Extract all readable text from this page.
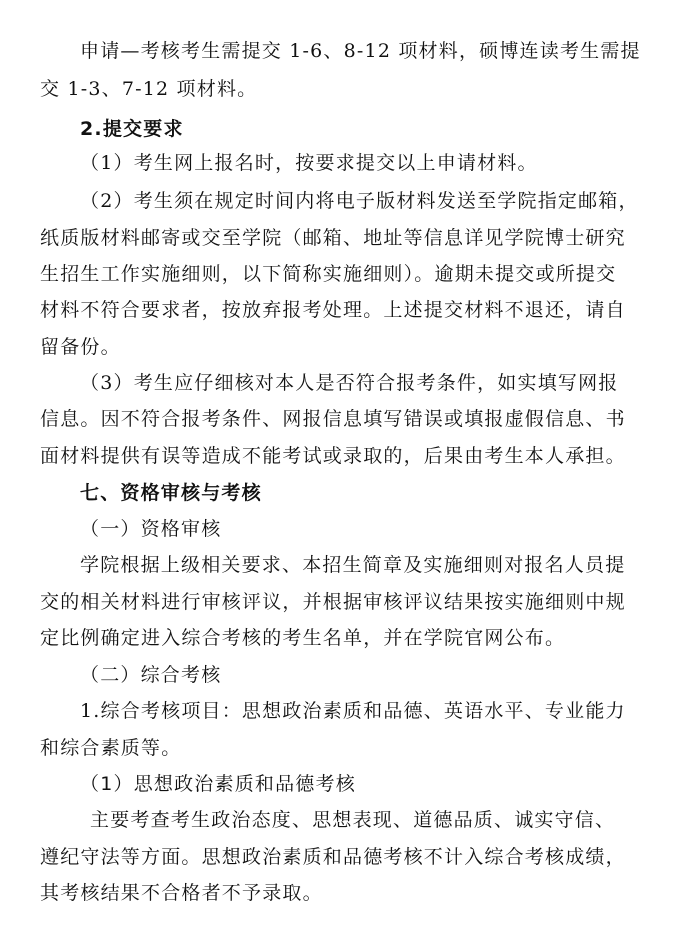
申请—考核考生需提交 1-6、8-12 项材料，硕博连读考生需提
交 1-3、7-12 项材料。
2.提交要求
（1）考生网上报名时，按要求提交以上申请材料。
（2）考生须在规定时间内将电子版材料发送至学院指定邮箱，
纸质版材料邮寄或交至学院（邮箱、地址等信息详见学院博士研究
生招生工作实施细则，以下简称实施细则）。逾期未提交或所提交
材料不符合要求者，按放弃报考处理。上述提交材料不退还，请自
留备份。
（3）考生应仔细核对本人是否符合报考条件，如实填写网报
信息。因不符合报考条件、网报信息填写错误或填报虚假信息、书
面材料提供有误等造成不能考试或录取的，后果由考生本人承担。
七、资格审核与考核
（一）资格审核
学院根据上级相关要求、本招生简章及实施细则对报名人员提
交的相关材料进行审核评议，并根据审核评议结果按实施细则中规
定比例确定进入综合考核的考生名单，并在学院官网公布。
（二）综合考核
1.综合考核项目：思想政治素质和品德、英语水平、专业能力
和综合素质等。
（1）思想政治素质和品德考核
主要考查考生政治态度、思想表现、道德品质、诚实守信、
遵纪守法等方面。思想政治素质和品德考核不计入综合考核成绩，
其考核结果不合格者不予录取。
